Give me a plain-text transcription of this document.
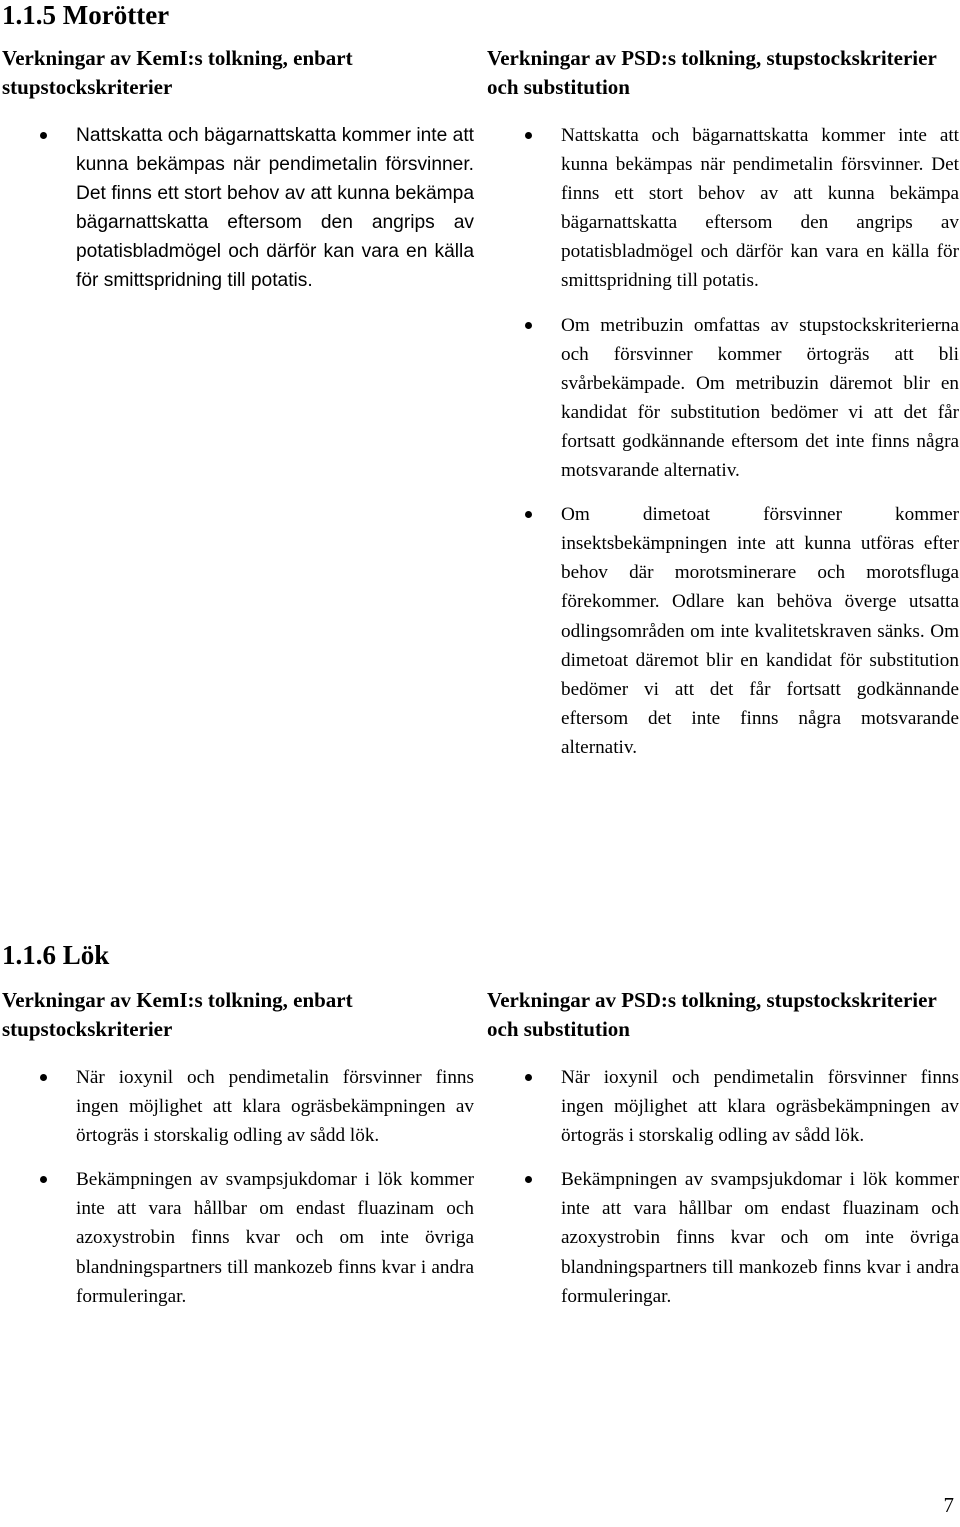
1.1.5 Morötter
Verkningar av KemI:s tolkning, enbart stupstockskriterier
Nattskatta och bägarnattskatta kommer inte att kunna bekämpas när pendimetalin försvinner. Det finns ett stort behov av att kunna bekämpa bägarnattskatta eftersom den angrips av potatisbladmögel och därför kan vara en källa för smittspridning till potatis.
Verkningar av PSD:s tolkning, stupstockskriterier och substitution
Nattskatta och bägarnattskatta kommer inte att kunna bekämpas när pendimetalin försvinner. Det finns ett stort behov av att kunna bekämpa bägarnattskatta eftersom den angrips av potatisbladmögel och därför kan vara en källa för smittspridning till potatis.
Om metribuzin omfattas av stupstockskriterierna och försvinner kommer örtogräs att bli svårbekämpade. Om metribuzin däremot blir en kandidat för substitution bedömer vi att det får fortsatt godkännande eftersom det inte finns några motsvarande alternativ.
Om dimetoat försvinner kommer insektsbekämpningen inte att kunna utföras efter behov där morotsminerare och morotsfluga förekommer. Odlare kan behöva överge utsatta odlingsområden om inte kvalitetskraven sänks. Om dimetoat däremot blir en kandidat för substitution bedömer vi att det får fortsatt godkännande eftersom det inte finns några motsvarande alternativ.
1.1.6 Lök
Verkningar av KemI:s tolkning, enbart stupstockskriterier
När ioxynil och pendimetalin försvinner finns ingen möjlighet att klara ogräsbekämpningen av örtogräs i storskalig odling av sådd lök.
Bekämpningen av svampsjukdomar i lök kommer inte att vara hållbar om endast fluazinam och azoxystrobin finns kvar och om inte övriga blandningspartners till mankozeb finns kvar i andra formuleringar.
Verkningar av PSD:s tolkning, stupstockskriterier och substitution
När ioxynil och pendimetalin försvinner finns ingen möjlighet att klara ogräsbekämpningen av örtogräs i storskalig odling av sådd lök.
Bekämpningen av svampsjukdomar i lök kommer inte att vara hållbar om endast fluazinam och azoxystrobin finns kvar och om inte övriga blandningspartners till mankozeb finns kvar i andra formuleringar.

7
